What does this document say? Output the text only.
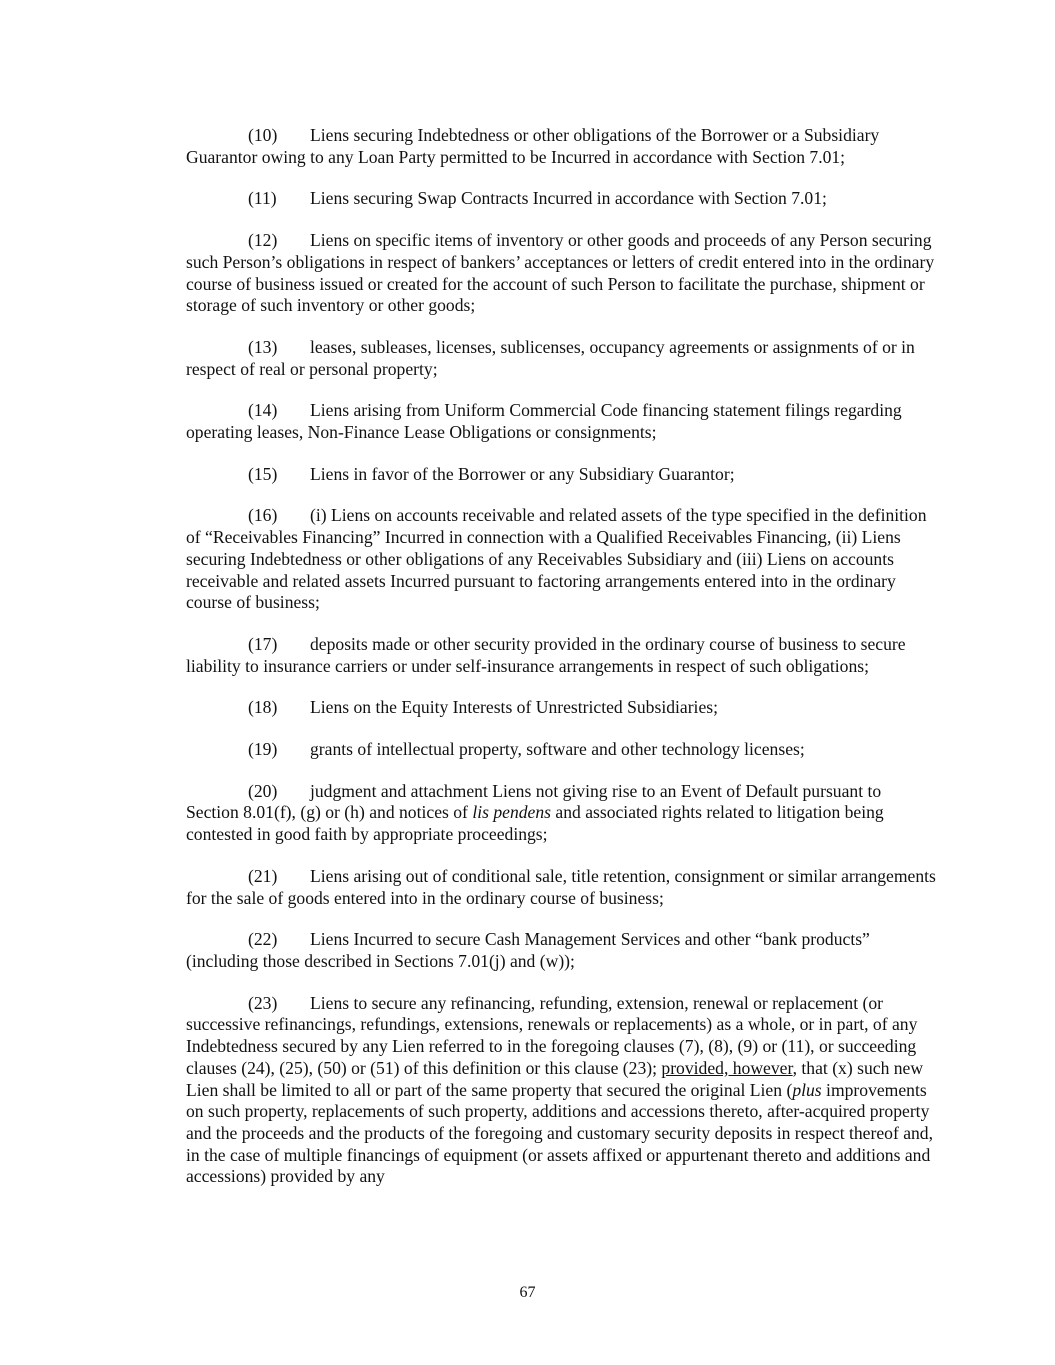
(10) Liens securing Indebtedness or other obligations of the Borrower or a Subsidiary Guarantor owing to any Loan Party permitted to be Incurred in accordance with Section 7.01;

(11) Liens securing Swap Contracts Incurred in accordance with Section 7.01;

(12) Liens on specific items of inventory or other goods and proceeds of any Person securing such Person’s obligations in respect of bankers’ acceptances or letters of credit entered into in the ordinary course of business issued or created for the account of such Person to facilitate the purchase, shipment or storage of such inventory or other goods;

(13) leases, subleases, licenses, sublicenses, occupancy agreements or assignments of or in respect of real or personal property;

(14) Liens arising from Uniform Commercial Code financing statement filings regarding operating leases, Non-Finance Lease Obligations or consignments;

(15) Liens in favor of the Borrower or any Subsidiary Guarantor;

(16) (i) Liens on accounts receivable and related assets of the type specified in the definition of “Receivables Financing” Incurred in connection with a Qualified Receivables Financing, (ii) Liens securing Indebtedness or other obligations of any Receivables Subsidiary and (iii) Liens on accounts receivable and related assets Incurred pursuant to factoring arrangements entered into in the ordinary course of business;

(17) deposits made or other security provided in the ordinary course of business to secure liability to insurance carriers or under self-insurance arrangements in respect of such obligations;

(18) Liens on the Equity Interests of Unrestricted Subsidiaries;

(19) grants of intellectual property, software and other technology licenses;

(20) judgment and attachment Liens not giving rise to an Event of Default pursuant to Section 8.01(f), (g) or (h) and notices of lis pendens and associated rights related to litigation being contested in good faith by appropriate proceedings;

(21) Liens arising out of conditional sale, title retention, consignment or similar arrangements for the sale of goods entered into in the ordinary course of business;

(22) Liens Incurred to secure Cash Management Services and other “bank products” (including those described in Sections 7.01(j) and (w));

(23) Liens to secure any refinancing, refunding, extension, renewal or replacement (or successive refinancings, refundings, extensions, renewals or replacements) as a whole, or in part, of any Indebtedness secured by any Lien referred to in the foregoing clauses (7), (8), (9) or (11), or succeeding clauses (24), (25), (50) or (51) of this definition or this clause (23); provided, however, that (x) such new Lien shall be limited to all or part of the same property that secured the original Lien (plus improvements on such property, replacements of such property, additions and accessions thereto, after-acquired property and the proceeds and the products of the foregoing and customary security deposits in respect thereof and, in the case of multiple financings of equipment (or assets affixed or appurtenant thereto and additions and accessions) provided by any

67
